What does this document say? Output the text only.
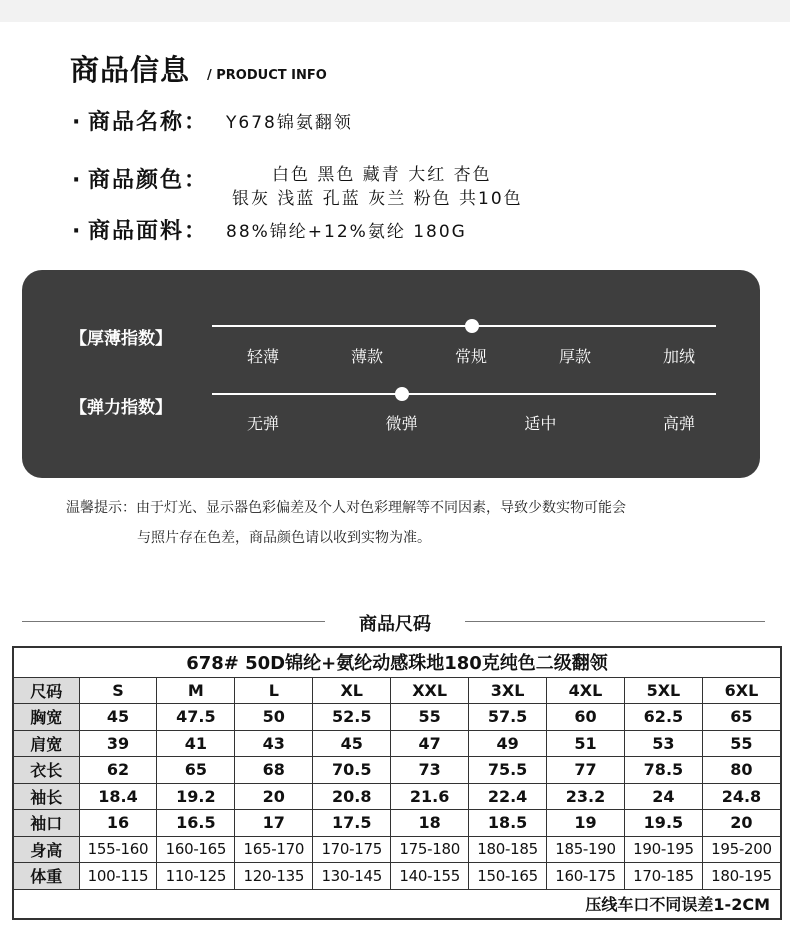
商品信息 / PRODUCT INFO
· 商品名称： Y678锦氨翻领
· 商品颜色：	白色 黑色 藏青 大红 杏色
银灰 浅蓝 孔蓝 灰兰 粉色 共10色
· 商品面料： 88%锦纶+12%氨纶 180G
【厚薄指数】
轻薄	薄款	常规	厚款	加绒
【弹力指数】
无弹	微弹	适中	高弹
温馨提示：由于灯光、显示器色彩偏差及个人对色彩理解等不同因素，导致少数实物可能会
与照片存在色差，商品颜色请以收到实物为准。
商品尺码
678# 50D锦纶+氨纶动感珠地180克纯色二级翻领									
尺码	S	M	L	XL	XXL	3XL	4XL	5XL	6XL
胸宽	45	47.5	50	52.5	55	57.5	60	62.5	65
肩宽	39	41	43	45	47	49	51	53	55
衣长	62	65	68	70.5	73	75.5	77	78.5	80
袖长	18.4	19.2	20	20.8	21.6	22.4	23.2	24	24.8
袖口	16	16.5	17	17.5	18	18.5	19	19.5	20
身高	155-160	160-165	165-170	170-175	175-180	180-185	185-190	190-195	195-200
体重	100-115	110-125	120-135	130-145	140-155	150-165	160-175	170-185	180-195
压线车口不同误差1-2CM									
